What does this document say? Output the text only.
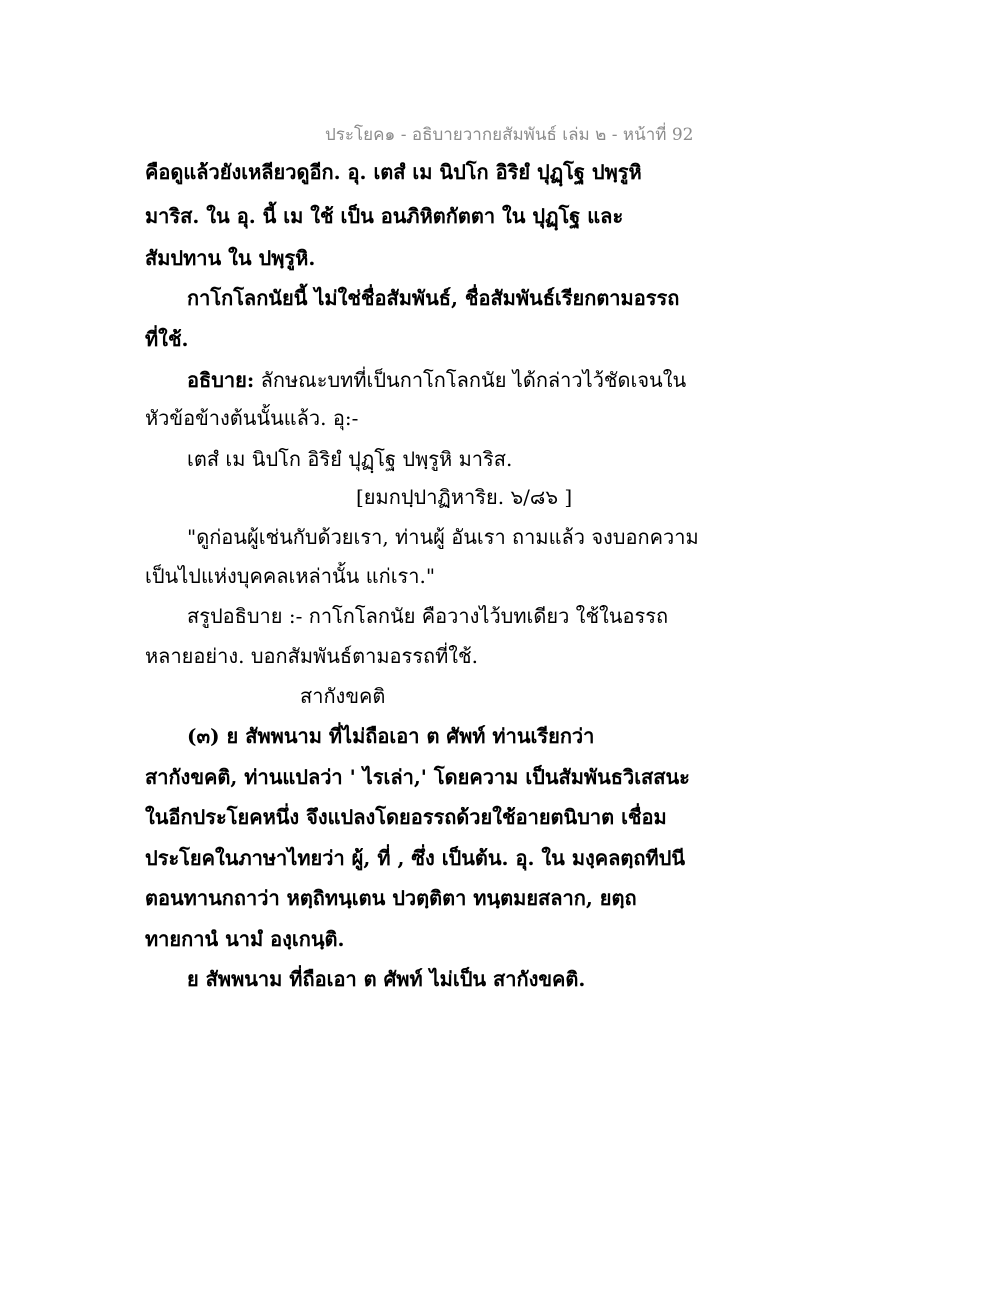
ประโยค๑ - อธิบายวากยสัมพันธ์ เล่ม ๒ - หน้าที่ 92
คือดูแล้วยังเหลียวดูอีก. อุ. เตสํ เม นิปโก อิริยํ ปุฏฺโฐ ปพฺรูหิ
มาริส. ใน อุ. นี้ เม ใช้ เป็น อนภิหิตกัตตา ใน ปุฏฺโฐ และ
สัมปทาน ใน ปพฺรูหิ.
กาโกโลกนัยนี้ ไม่ใช่ชื่อสัมพันธ์, ชื่อสัมพันธ์เรียกตามอรรถ
ที่ใช้.
อธิบาย: ลักษณะบทที่เป็นกาโกโลกนัย ได้กล่าวไว้ชัดเจนใน
หัวข้อข้างต้นนั้นแล้ว. อุ:-
เตสํ เม นิปโก อิริยํ ปุฏฺโฐ ปพฺรูหิ มาริส.
[ยมกปฺปาฏิหาริย. ๖/๘๖ ]
"ดูก่อนผู้เช่นกับด้วยเรา, ท่านผู้ อันเรา ถามแล้ว จงบอกความ
เป็นไปแห่งบุคคลเหล่านั้น แก่เรา."
สรูปอธิบาย :- กาโกโลกนัย คือวางไว้บทเดียว ใช้ในอรรถ
หลายอย่าง. บอกสัมพันธ์ตามอรรถที่ใช้.
สากังขคติ
(๓) ย สัพพนาม ที่ไม่ถือเอา ต ศัพท์ ท่านเรียกว่า
สากังขคติ, ท่านแปลว่า ' ไรเล่า,' โดยความ เป็นสัมพันธวิเสสนะ
ในอีกประโยคหนึ่ง จึงแปลงโดยอรรถด้วยใช้อายตนิบาต เชื่อม
ประโยคในภาษาไทยว่า ผู้, ที่ , ซึ่ง เป็นต้น. อุ. ใน มงฺคลตฺถทีปนี
ตอนทานกถาว่า หตฺถิทนฺเตน ปวตฺติตา ทนฺตมยสลาก, ยตฺถ
ทายกานํ นามํ องฺเกนฺติ.
ย สัพพนาม ที่ถือเอา ต ศัพท์ ไม่เป็น สากังขคติ.
